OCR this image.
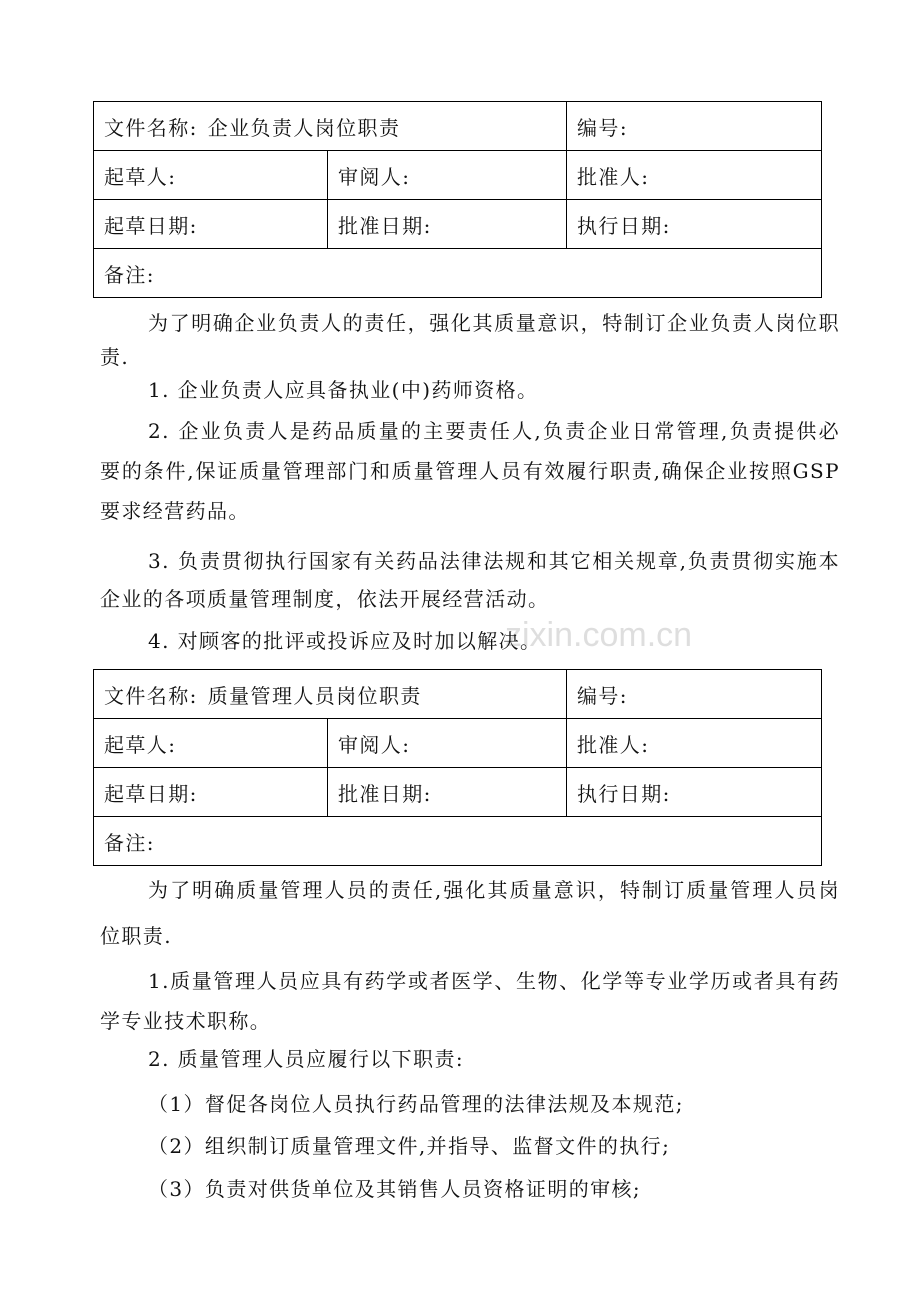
zixin.com.cn
文件名称: 企业负责人岗位职责		编号:
起草人:	审阅人:	批准人:
起草日期:	批准日期:	执行日期:
备注:		
为了明确企业负责人的责任，强化其质量意识，特制订企业负责人岗位职
责.
1. 企业负责人应具备执业(中)药师资格。
2. 企业负责人是药品质量的主要责任人,负责企业日常管理,负责提供必
要的条件,保证质量管理部门和质量管理人员有效履行职责,确保企业按照GSP
要求经营药品。
3. 负责贯彻执行国家有关药品法律法规和其它相关规章,负责贯彻实施本
企业的各项质量管理制度，依法开展经营活动。
4. 对顾客的批评或投诉应及时加以解决。
文件名称: 质量管理人员岗位职责		编号:
起草人:	审阅人:	批准人:
起草日期:	批准日期:	执行日期:
备注:		
为了明确质量管理人员的责任,强化其质量意识，特制订质量管理人员岗
位职责.
1.质量管理人员应具有药学或者医学、生物、化学等专业学历或者具有药
学专业技术职称。
2. 质量管理人员应履行以下职责:
（1）督促各岗位人员执行药品管理的法律法规及本规范;
（2）组织制订质量管理文件,并指导、监督文件的执行;
（3）负责对供货单位及其销售人员资格证明的审核;
